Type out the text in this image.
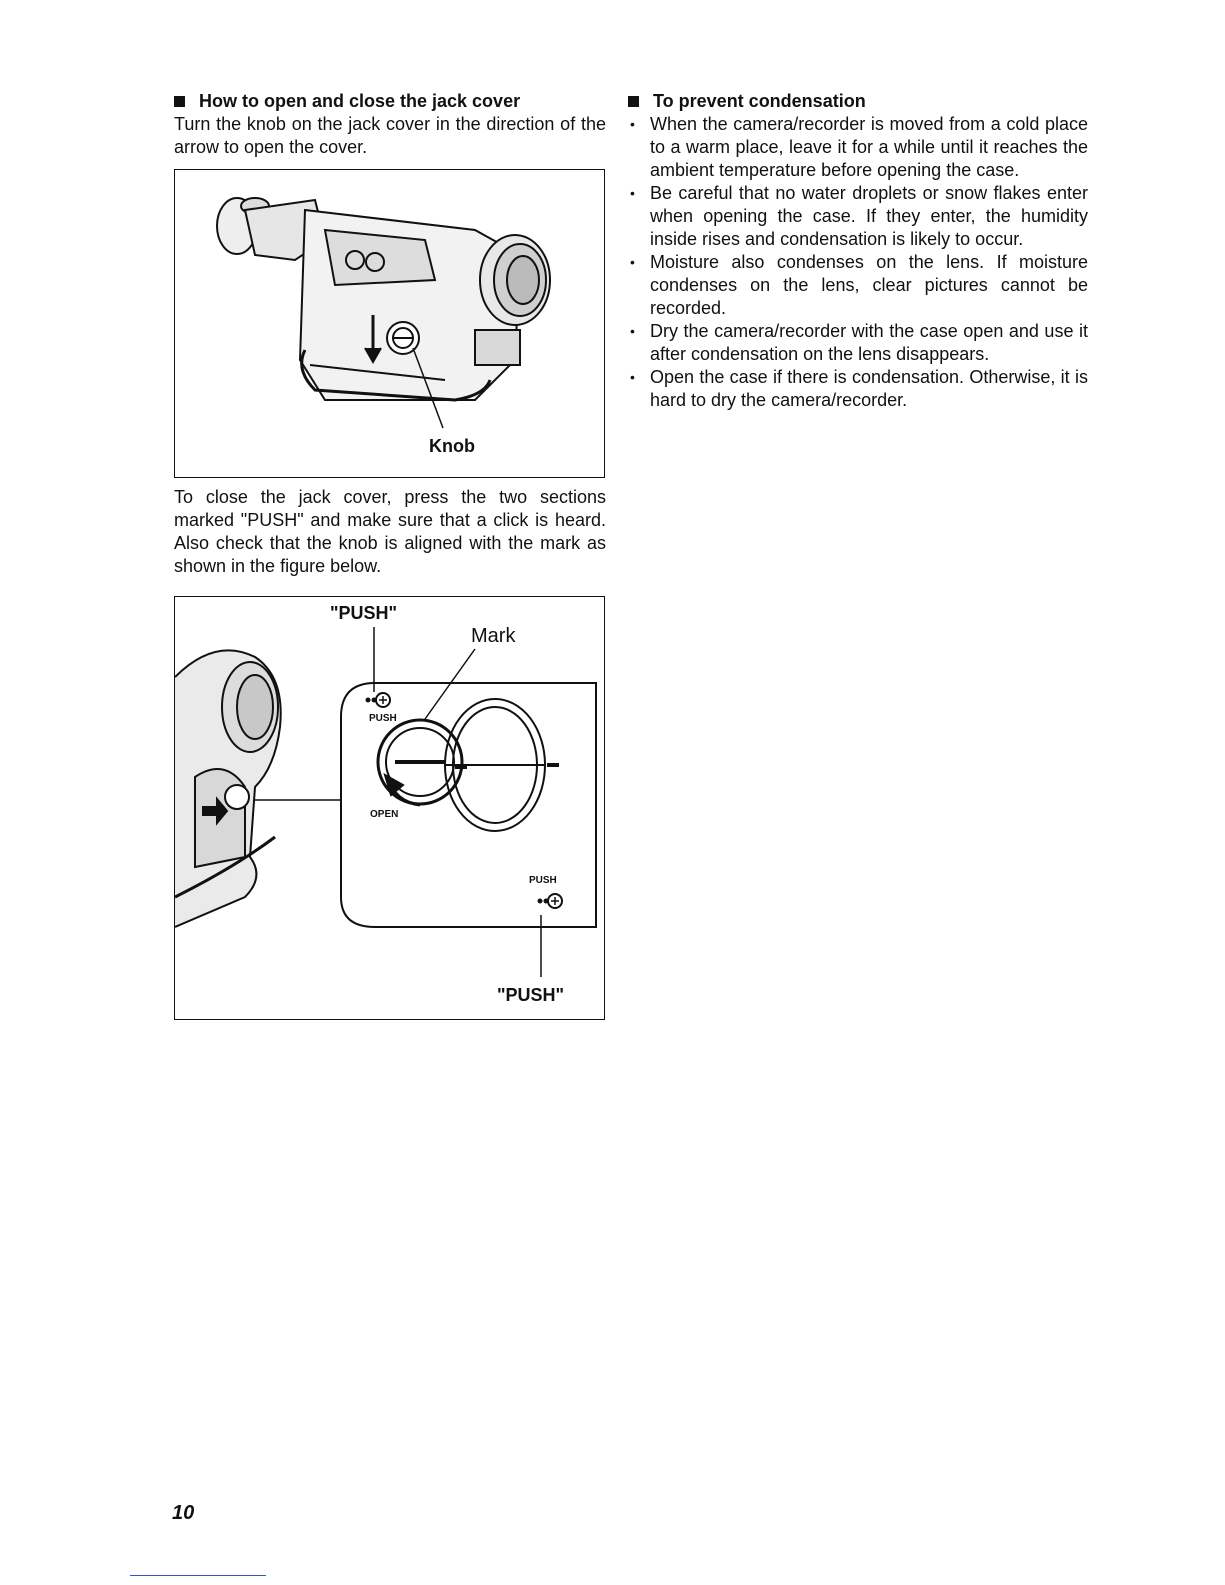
How to open and close the jack cover
Turn the knob on the jack cover in the direction of the arrow to open the cover.
Knob
To close the jack cover, press the two sections marked "PUSH" and make sure that a click is heard. Also check that the knob is aligned with the mark as shown in the figure below.
"PUSH"
Mark
PUSH
OPEN
PUSH
"PUSH"
To prevent condensation
• When the camera/recorder is moved from a cold place to a warm place, leave it for a while until it reaches the ambient temperature before opening the case.
• Be careful that no water droplets or snow flakes enter when opening the case. If they enter, the humidity inside rises and condensation is likely to occur.
• Moisture also condenses on the lens. If moisture condenses on the lens, clear pictures cannot be recorded.
• Dry the camera/recorder with the case open and use it after condensation on the lens disappears.
• Open the case if there is condensation. Otherwise, it is hard to dry the camera/recorder.
10
